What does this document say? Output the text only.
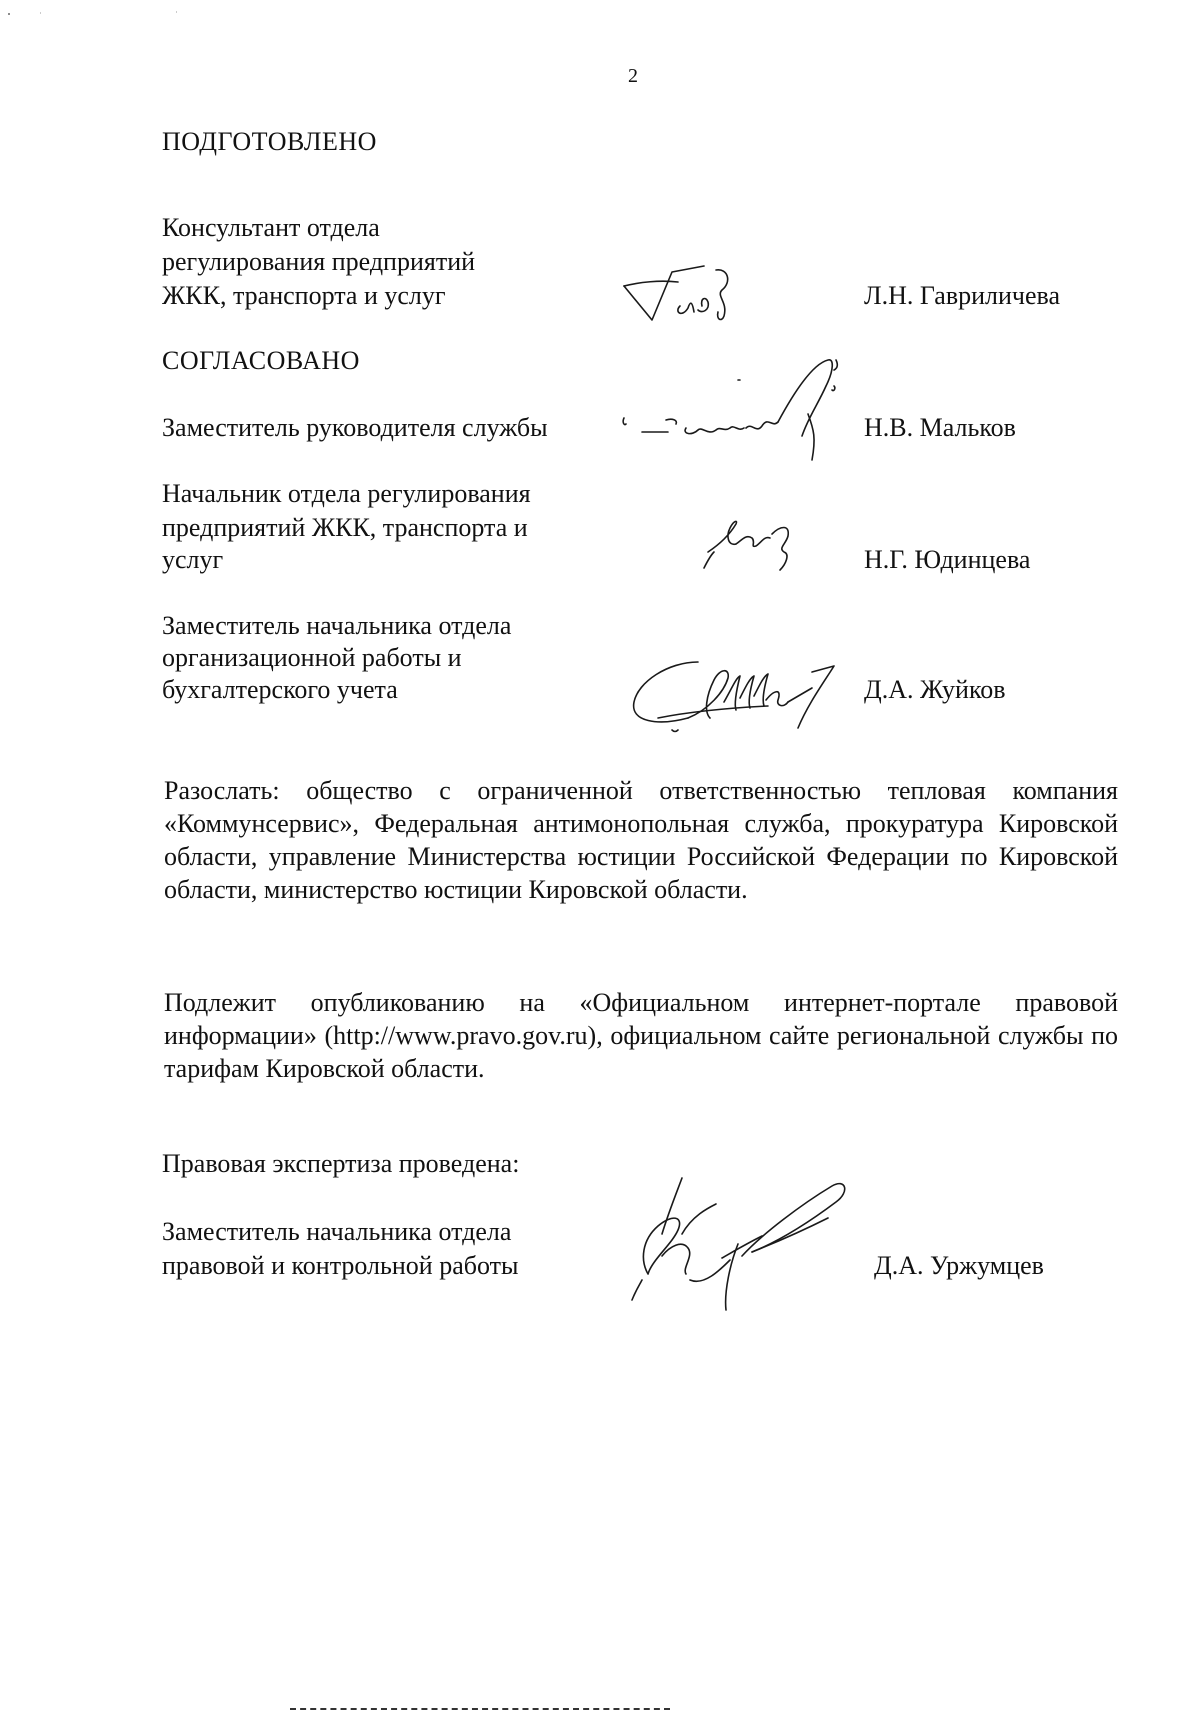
2
ПОДГОТОВЛЕНО
Консультант отдела
регулирования предприятий
ЖКК, транспорта и услуг	Л.Н. Гавриличева
СОГЛАСОВАНО
Заместитель руководителя службы	Н.В. Мальков
Начальник отдела регулирования
предприятий ЖКК, транспорта и
услуг	Н.Г. Юдинцева
Заместитель начальника отдела
организационной работы и
бухгалтерского учета	Д.А. Жуйков
Разослать: общество с ограниченной ответственностью тепловая компания «Коммунсервис», Федеральная антимонопольная служба, прокуратура Кировской области, управление Министерства юстиции Российской Федерации по Кировской области, министерство юстиции Кировской области.
Подлежит опубликованию на «Официальном интернет-портале правовой информации» (http://www.pravo.gov.ru), официальном сайте региональной службы по тарифам Кировской области.
Правовая экспертиза проведена:
Заместитель начальника отдела
правовой и контрольной работы	Д.А. Уржумцев
